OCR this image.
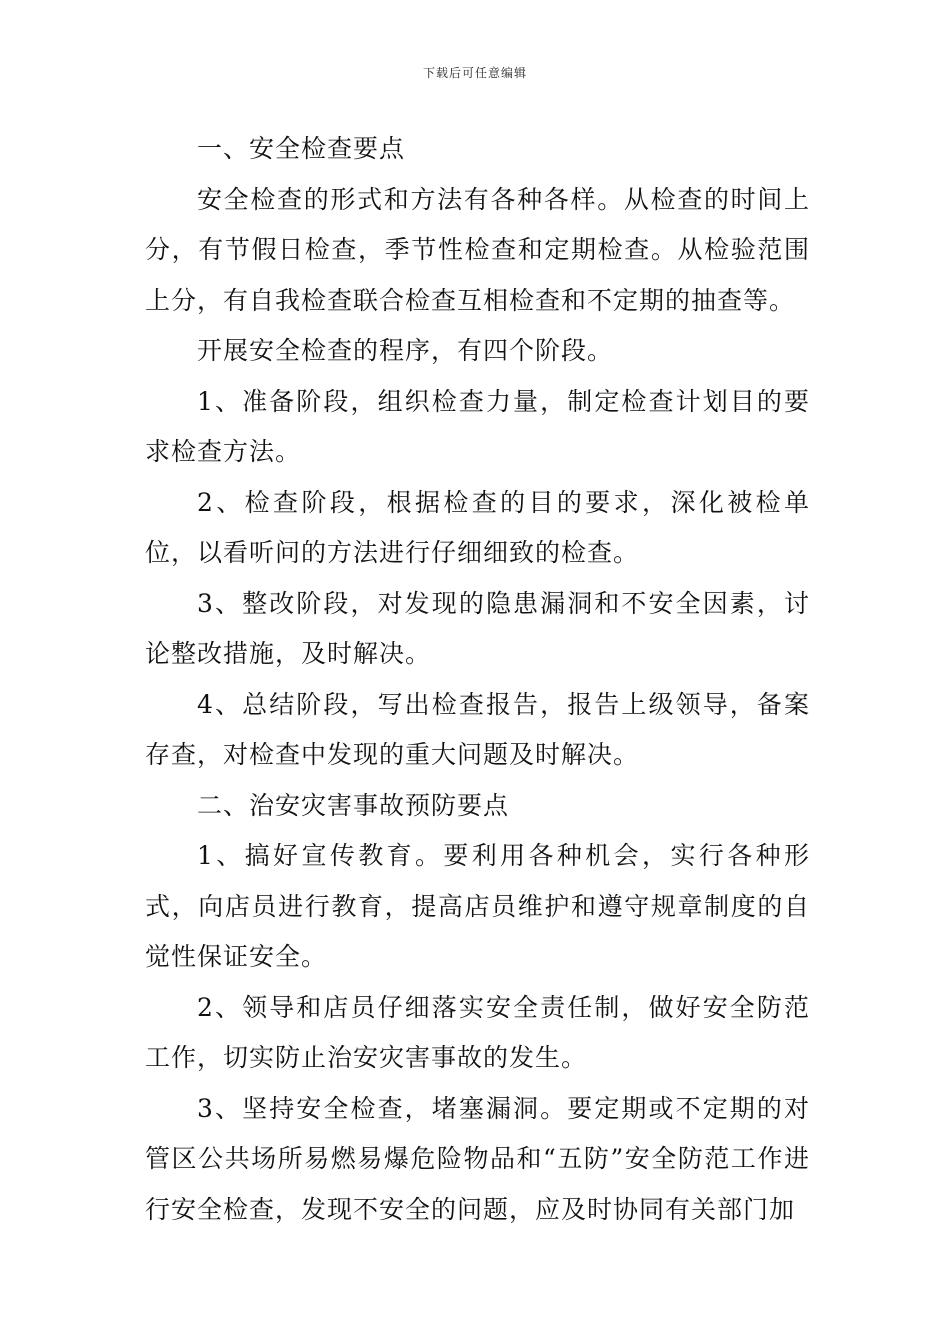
下载后可任意编辑

一、安全检查要点

安全检查的形式和方法有各种各样。从检查的时间上分，有节假日检查，季节性检查和定期检查。从检验范围上分，有自我检查联合检查互相检查和不定期的抽查等。

开展安全检查的程序，有四个阶段。

1、准备阶段，组织检查力量，制定检查计划目的要求检查方法。

2、检查阶段，根据检查的目的要求，深化被检单位，以看听问的方法进行仔细细致的检查。

3、整改阶段，对发现的隐患漏洞和不安全因素，讨论整改措施，及时解决。

4、总结阶段，写出检查报告，报告上级领导，备案存查，对检查中发现的重大问题及时解决。

二、治安灾害事故预防要点

1、搞好宣传教育。要利用各种机会，实行各种形式，向店员进行教育，提高店员维护和遵守规章制度的自觉性保证安全。

2、领导和店员仔细落实安全责任制，做好安全防范工作，切实防止治安灾害事故的发生。

3、坚持安全检查，堵塞漏洞。要定期或不定期的对管区公共场所易燃易爆危险物品和“五防”安全防范工作进行安全检查，发现不安全的问题，应及时协同有关部门加
